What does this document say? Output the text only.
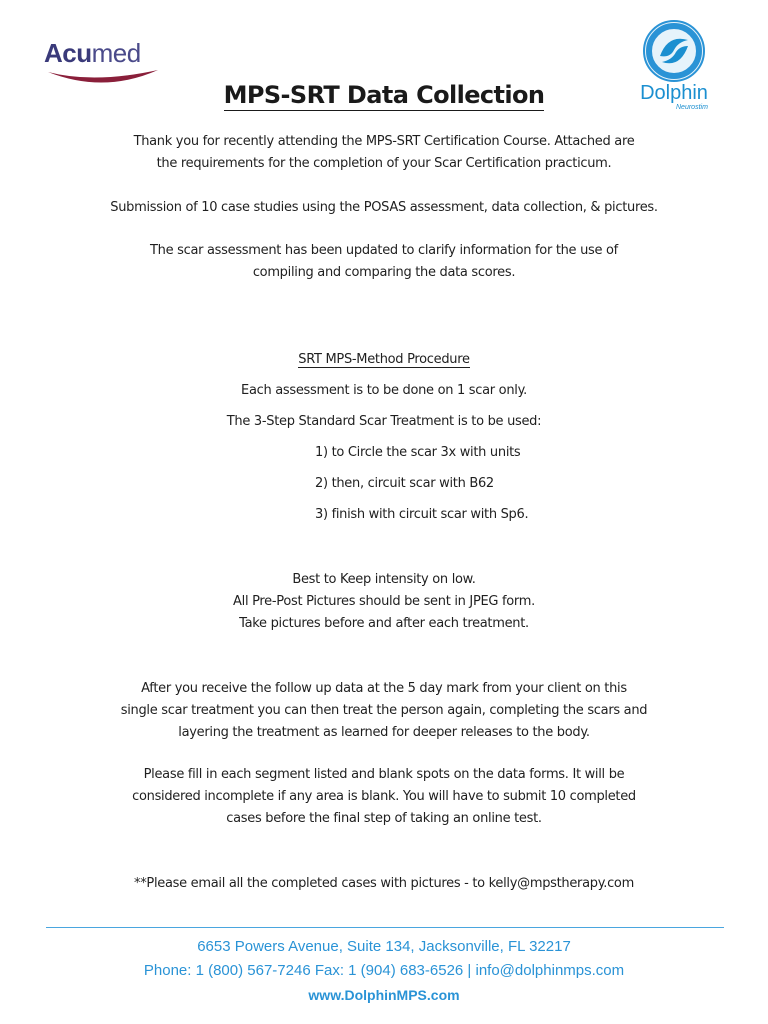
Acumed
Dolphin
Neurostim
MPS-SRT Data Collection
Thank you for recently attending the MPS-SRT Certification Course. Attached are
the requirements for the completion of your Scar Certification practicum.
Submission of 10 case studies using the POSAS assessment, data collection, & pictures.
The scar assessment has been updated to clarify information for the use of
compiling and comparing the data scores.
SRT MPS-Method Procedure
Each assessment is to be done on 1 scar only.
The 3-Step Standard Scar Treatment is to be used:
1) to Circle the scar 3x with units
2) then, circuit scar with B62
3) finish with circuit scar with Sp6.
Best to Keep intensity on low.
All Pre-Post Pictures should be sent in JPEG form.
Take pictures before and after each treatment.
After you receive the follow up data at the 5 day mark from your client on this
single scar treatment you can then treat the person again, completing the scars and
layering the treatment as learned for deeper releases to the body.
Please fill in each segment listed and blank spots on the data forms. It will be
considered incomplete if any area is blank. You will have to submit 10 completed
cases before the final step of taking an online test.
**Please email all the completed cases with pictures - to kelly@mpstherapy.com
6653 Powers Avenue, Suite 134, Jacksonville, FL 32217
Phone: 1 (800) 567-7246 Fax: 1 (904) 683-6526 | info@dolphinmps.com
www.DolphinMPS.com
